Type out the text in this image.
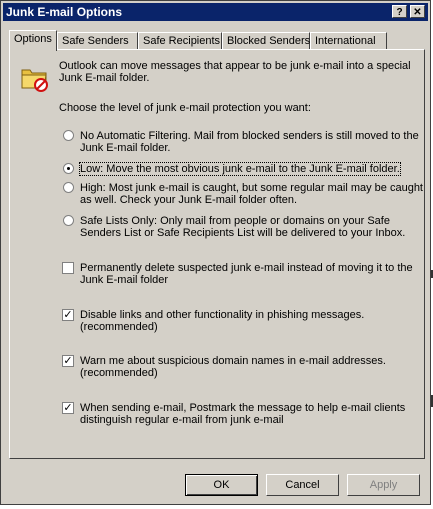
Junk E-mail Options	?	✕
Options Safe Senders	Safe Recipients Blocked Senders International
Outlook can move messages that appear to be junk e-mail into a special
Junk E-mail folder.
Choose the level of junk e-mail protection you want:
No Automatic Filtering. Mail from blocked senders is still moved to the
Junk E-mail folder.
Low: Move the most obvious junk e-mail to the Junk E-mail folder.
High: Most junk e-mail is caught, but some regular mail may be caught
as well. Check your Junk E-mail folder often.
Safe Lists Only: Only mail from people or domains on your Safe
Senders List or Safe Recipients List will be delivered to your Inbox.
Permanently delete suspected junk e-mail instead of moving it to the
Junk E-mail folder
✓ Disable links and other functionality in phishing messages.
(recommended)
✓ Warn me about suspicious domain names in e-mail addresses.
(recommended)
✓ When sending e-mail, Postmark the message to help e-mail clients
distinguish regular e-mail from junk e-mail
OK	Cancel	Apply
